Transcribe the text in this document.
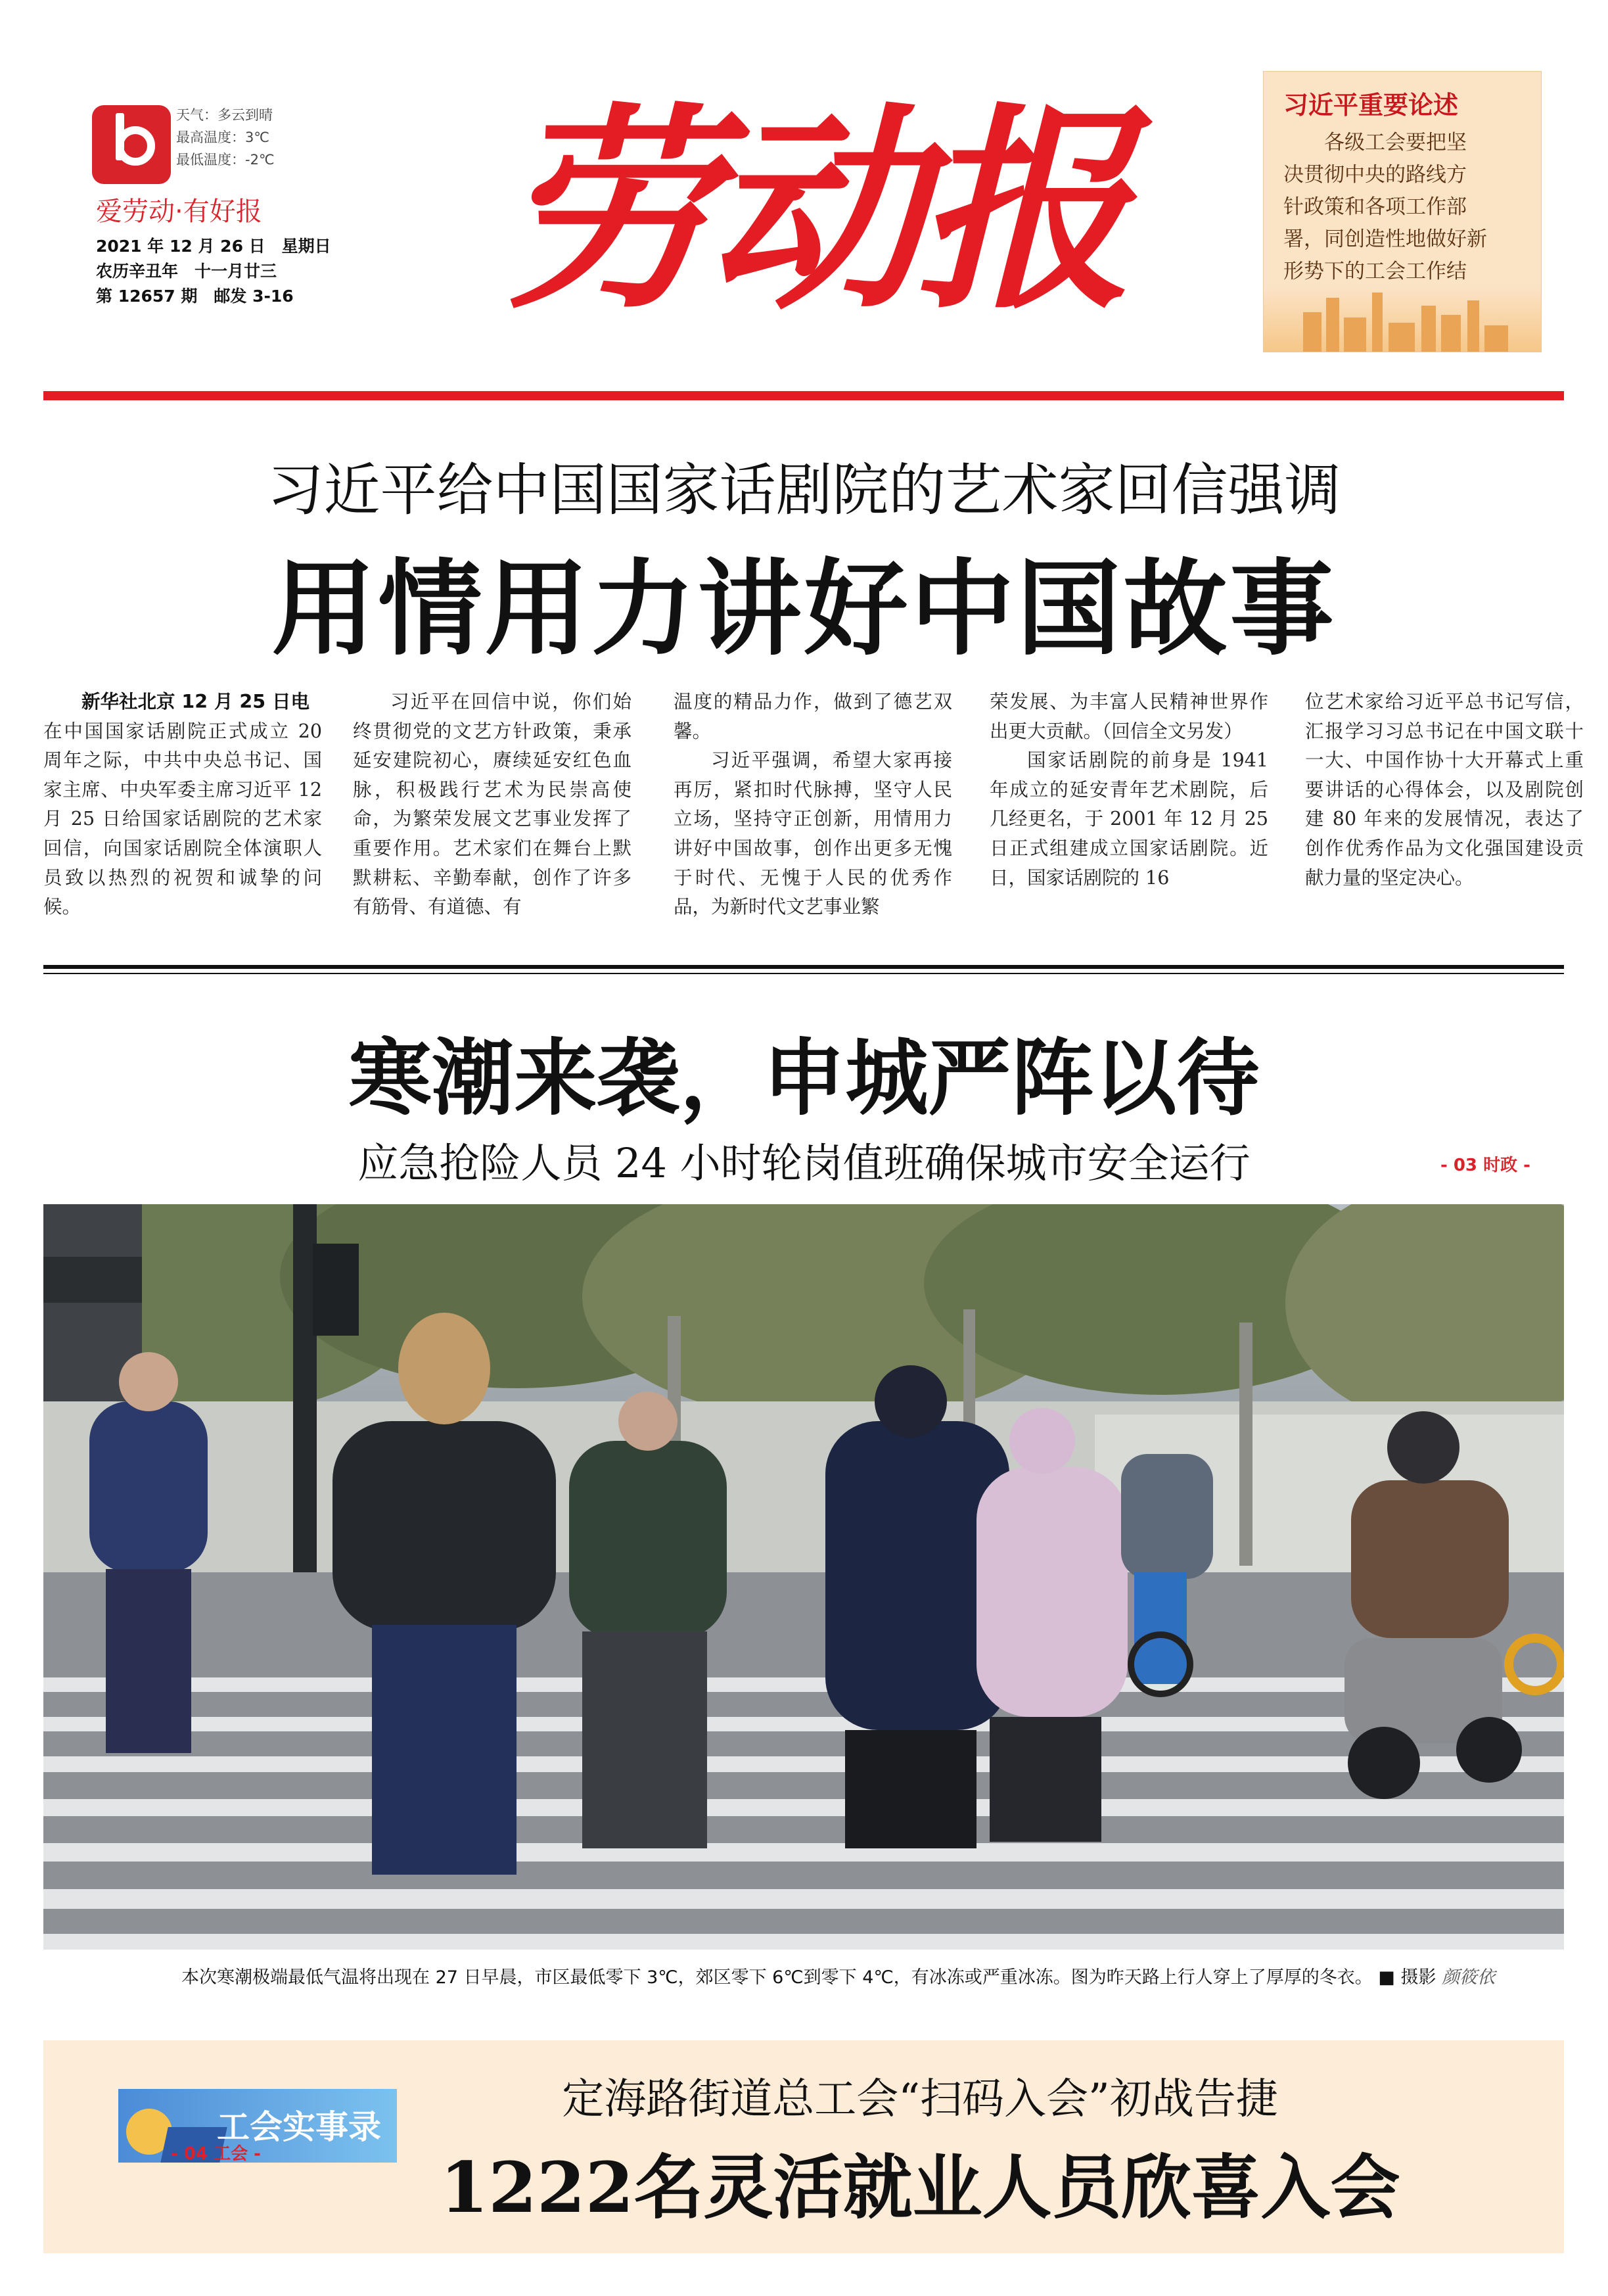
天气：多云到晴
最高温度：3℃
最低温度：-2℃
爱劳动·有好报
2021 年 12 月 26 日　星期日
农历辛丑年　十一月廿三
第 12657 期　邮发 3-16 劳动报	习近平重要论述
各级工会要把坚
决贯彻中央的路线方
针政策和各项工作部
署，同创造性地做好新
形势下的工会工作结
习近平给中国国家话剧院的艺术家回信强调
用情用力讲好中国故事

新华社北京 12 月 25 日电

在中国国家话剧院正式成立 20 周年之际，中共中央总书记、国家主席、中央军委主席习近平 12 月 25 日给国家话剧院的艺术家回信，向国家话剧院全体演职人员致以热烈的祝贺和诚挚的问候。

习近平在回信中说，你们始终贯彻党的文艺方针政策，秉承延安建院初心，赓续延安红色血脉，积极践行艺术为民崇高使命，为繁荣发展文艺事业发挥了重要作用。艺术家们在舞台上默默耕耘、辛勤奉献，创作了许多有筋骨、有道德、有

温度的精品力作，做到了德艺双馨。

习近平强调，希望大家再接再厉，紧扣时代脉搏，坚守人民立场，坚持守正创新，用情用力讲好中国故事，创作出更多无愧于时代、无愧于人民的优秀作品，为新时代文艺事业繁

荣发展、为丰富人民精神世界作出更大贡献。（回信全文另发）

国家话剧院的前身是 1941 年成立的延安青年艺术剧院，后几经更名，于 2001 年 12 月 25 日正式组建成立国家话剧院。近日，国家话剧院的 16

位艺术家给习近平总书记写信，汇报学习习总书记在中国文联十一大、中国作协十大开幕式上重要讲话的心得体会，以及剧院创建 80 年来的发展情况，表达了创作优秀作品为文化强国建设贡献力量的坚定决心。

寒潮来袭，申城严阵以待
应急抢险人员 24 小时轮岗值班确保城市安全运行	- 03 时政 -
本次寒潮极端最低气温将出现在 27 日早晨，市区最低零下 3℃，郊区零下 6℃到零下 4℃，有冰冻或严重冰冻。图为昨天路上行人穿上了厚厚的冬衣。 ■ 摄影 颜筱依
工会实事录
- 04 工会 -
定海路街道总工会“扫码入会”初战告捷
1222名灵活就业人员欣喜入会
